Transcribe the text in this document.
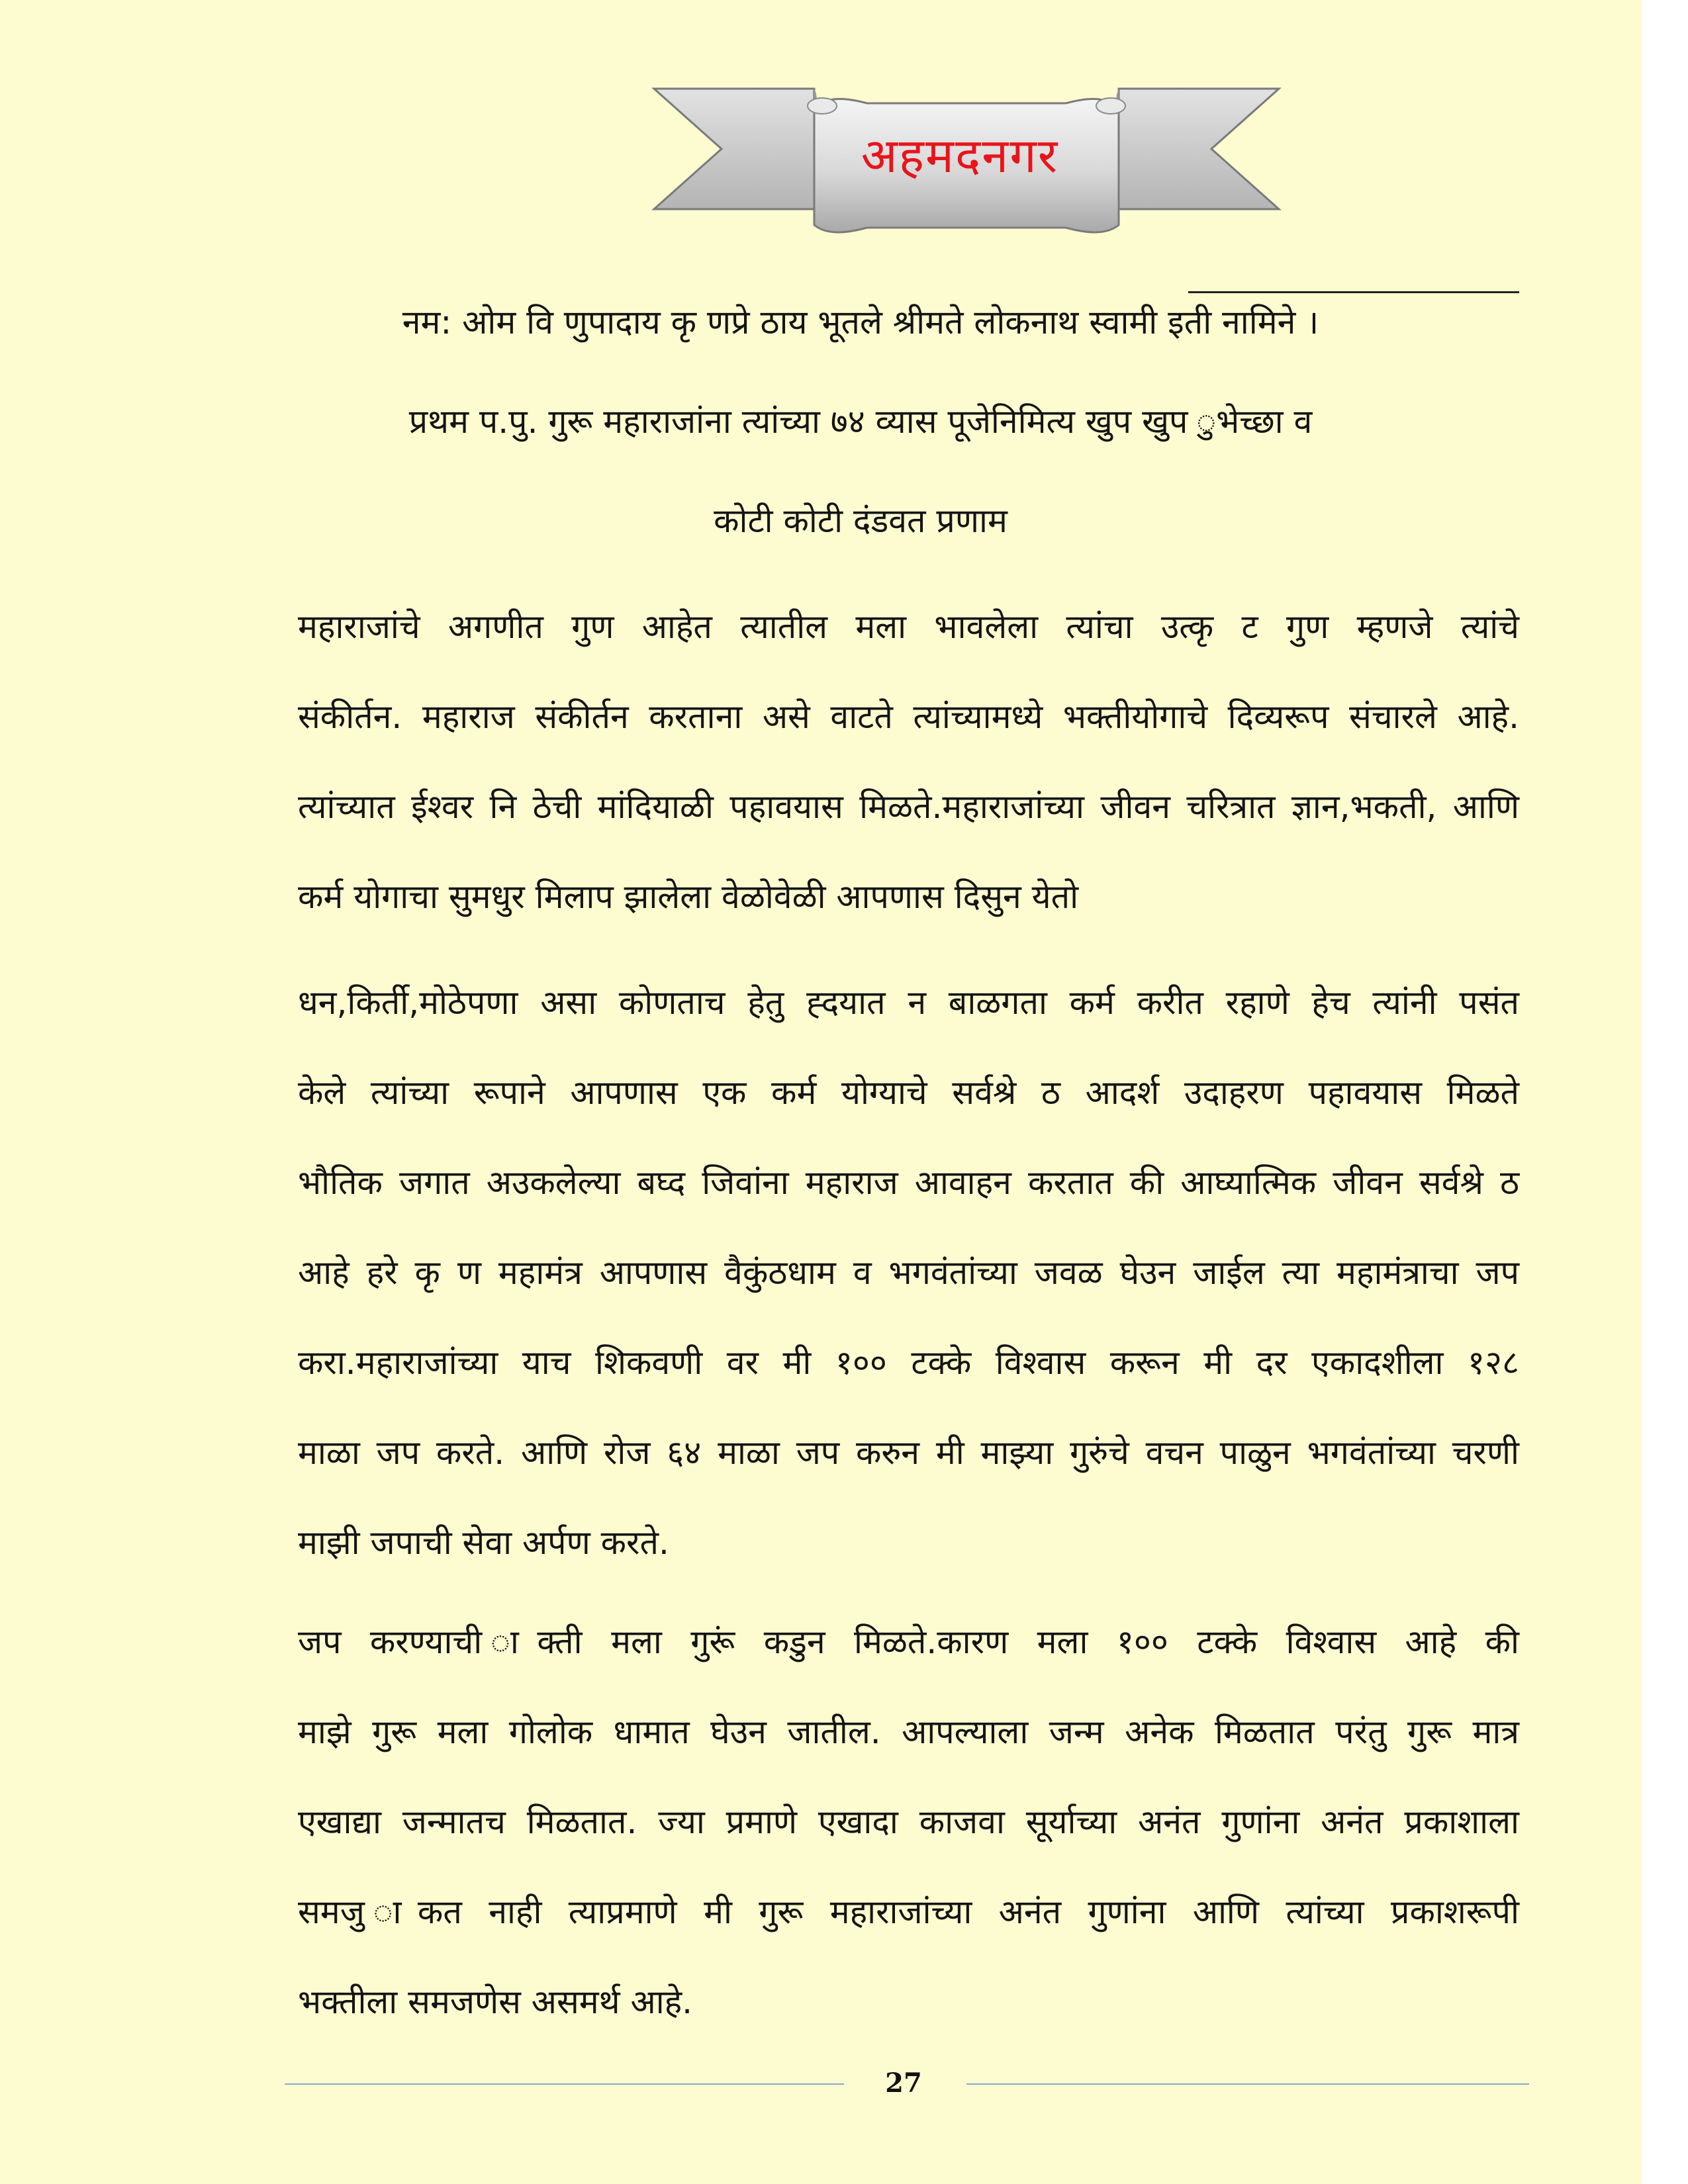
अहमदनगर
नम: ओम वि णुपादाय कृ णप्रे ठाय भूतले श्रीमते लोकनाथ स्वामी इती नामिने ।
प्रथम प.पु. गुरू महाराजांना त्यांच्या ७४ व्यास पूजेनिमित्य खुप खुप ुभेच्छा व
कोटी कोटी दंडवत प्रणाम
महाराजांचे अगणीत गुण आहेत त्यातील मला भावलेला त्यांचा उत्कृ ट गुण म्हणजे त्यांचे
संकीर्तन. महाराज संकीर्तन करताना असे वाटते त्यांच्यामध्ये भक्तीयोगाचे दिव्यरूप संचारले आहे.
त्यांच्यात ईश्वर नि ठेची मांदियाळी पहावयास मिळते.महाराजांच्या जीवन चरित्रात ज्ञान,भकती, आणि
कर्म योगाचा सुमधुर मिलाप झालेला वेळोवेळी आपणास दिसुन येतो
धन,किर्ती,मोठेपणा असा कोणताच हेतु ह्दयात न बाळगता कर्म करीत रहाणे हेच त्यांनी पसंत
केले त्यांच्या रूपाने आपणास एक कर्म योग्याचे सर्वश्रे ठ आदर्श उदाहरण पहावयास मिळते
भौतिक जगात अउकलेल्या बघ्द जिवांना महाराज आवाहन करतात की आघ्यात्मिक जीवन सर्वश्रे ठ
आहे हरे कृ ण महामंत्र आपणास वैकुंठधाम व भगवंतांच्या जवळ घेउन जाईल त्या महामंत्राचा जप
करा.महाराजांच्या याच शिकवणी वर मी १०० टक्के विश्वास करून मी दर एकादशीला १२८
माळा जप करते. आणि रोज ६४ माळा जप करुन मी माझ्या गुरुंचे वचन पाळुन भगवंतांच्या चरणी
माझी जपाची सेवा अर्पण करते.
जप करण्याची ाक्ती मला गुरूं कडुन मिळते.कारण मला १०० टक्के विश्वास आहे की
माझे गुरू मला गोलोक धामात घेउन जातील. आपल्याला जन्म अनेक मिळतात परंतु गुरू मात्र
एखाद्या जन्मातच मिळतात. ज्या प्रमाणे एखादा काजवा सूर्याच्या अनंत गुणांना अनंत प्रकाशाला
समजु ाकत नाही त्याप्रमाणे मी गुरू महाराजांच्या अनंत गुणांना आणि त्यांच्या प्रकाशरूपी
भक्तीला समजणेस असमर्थ आहे.
27
